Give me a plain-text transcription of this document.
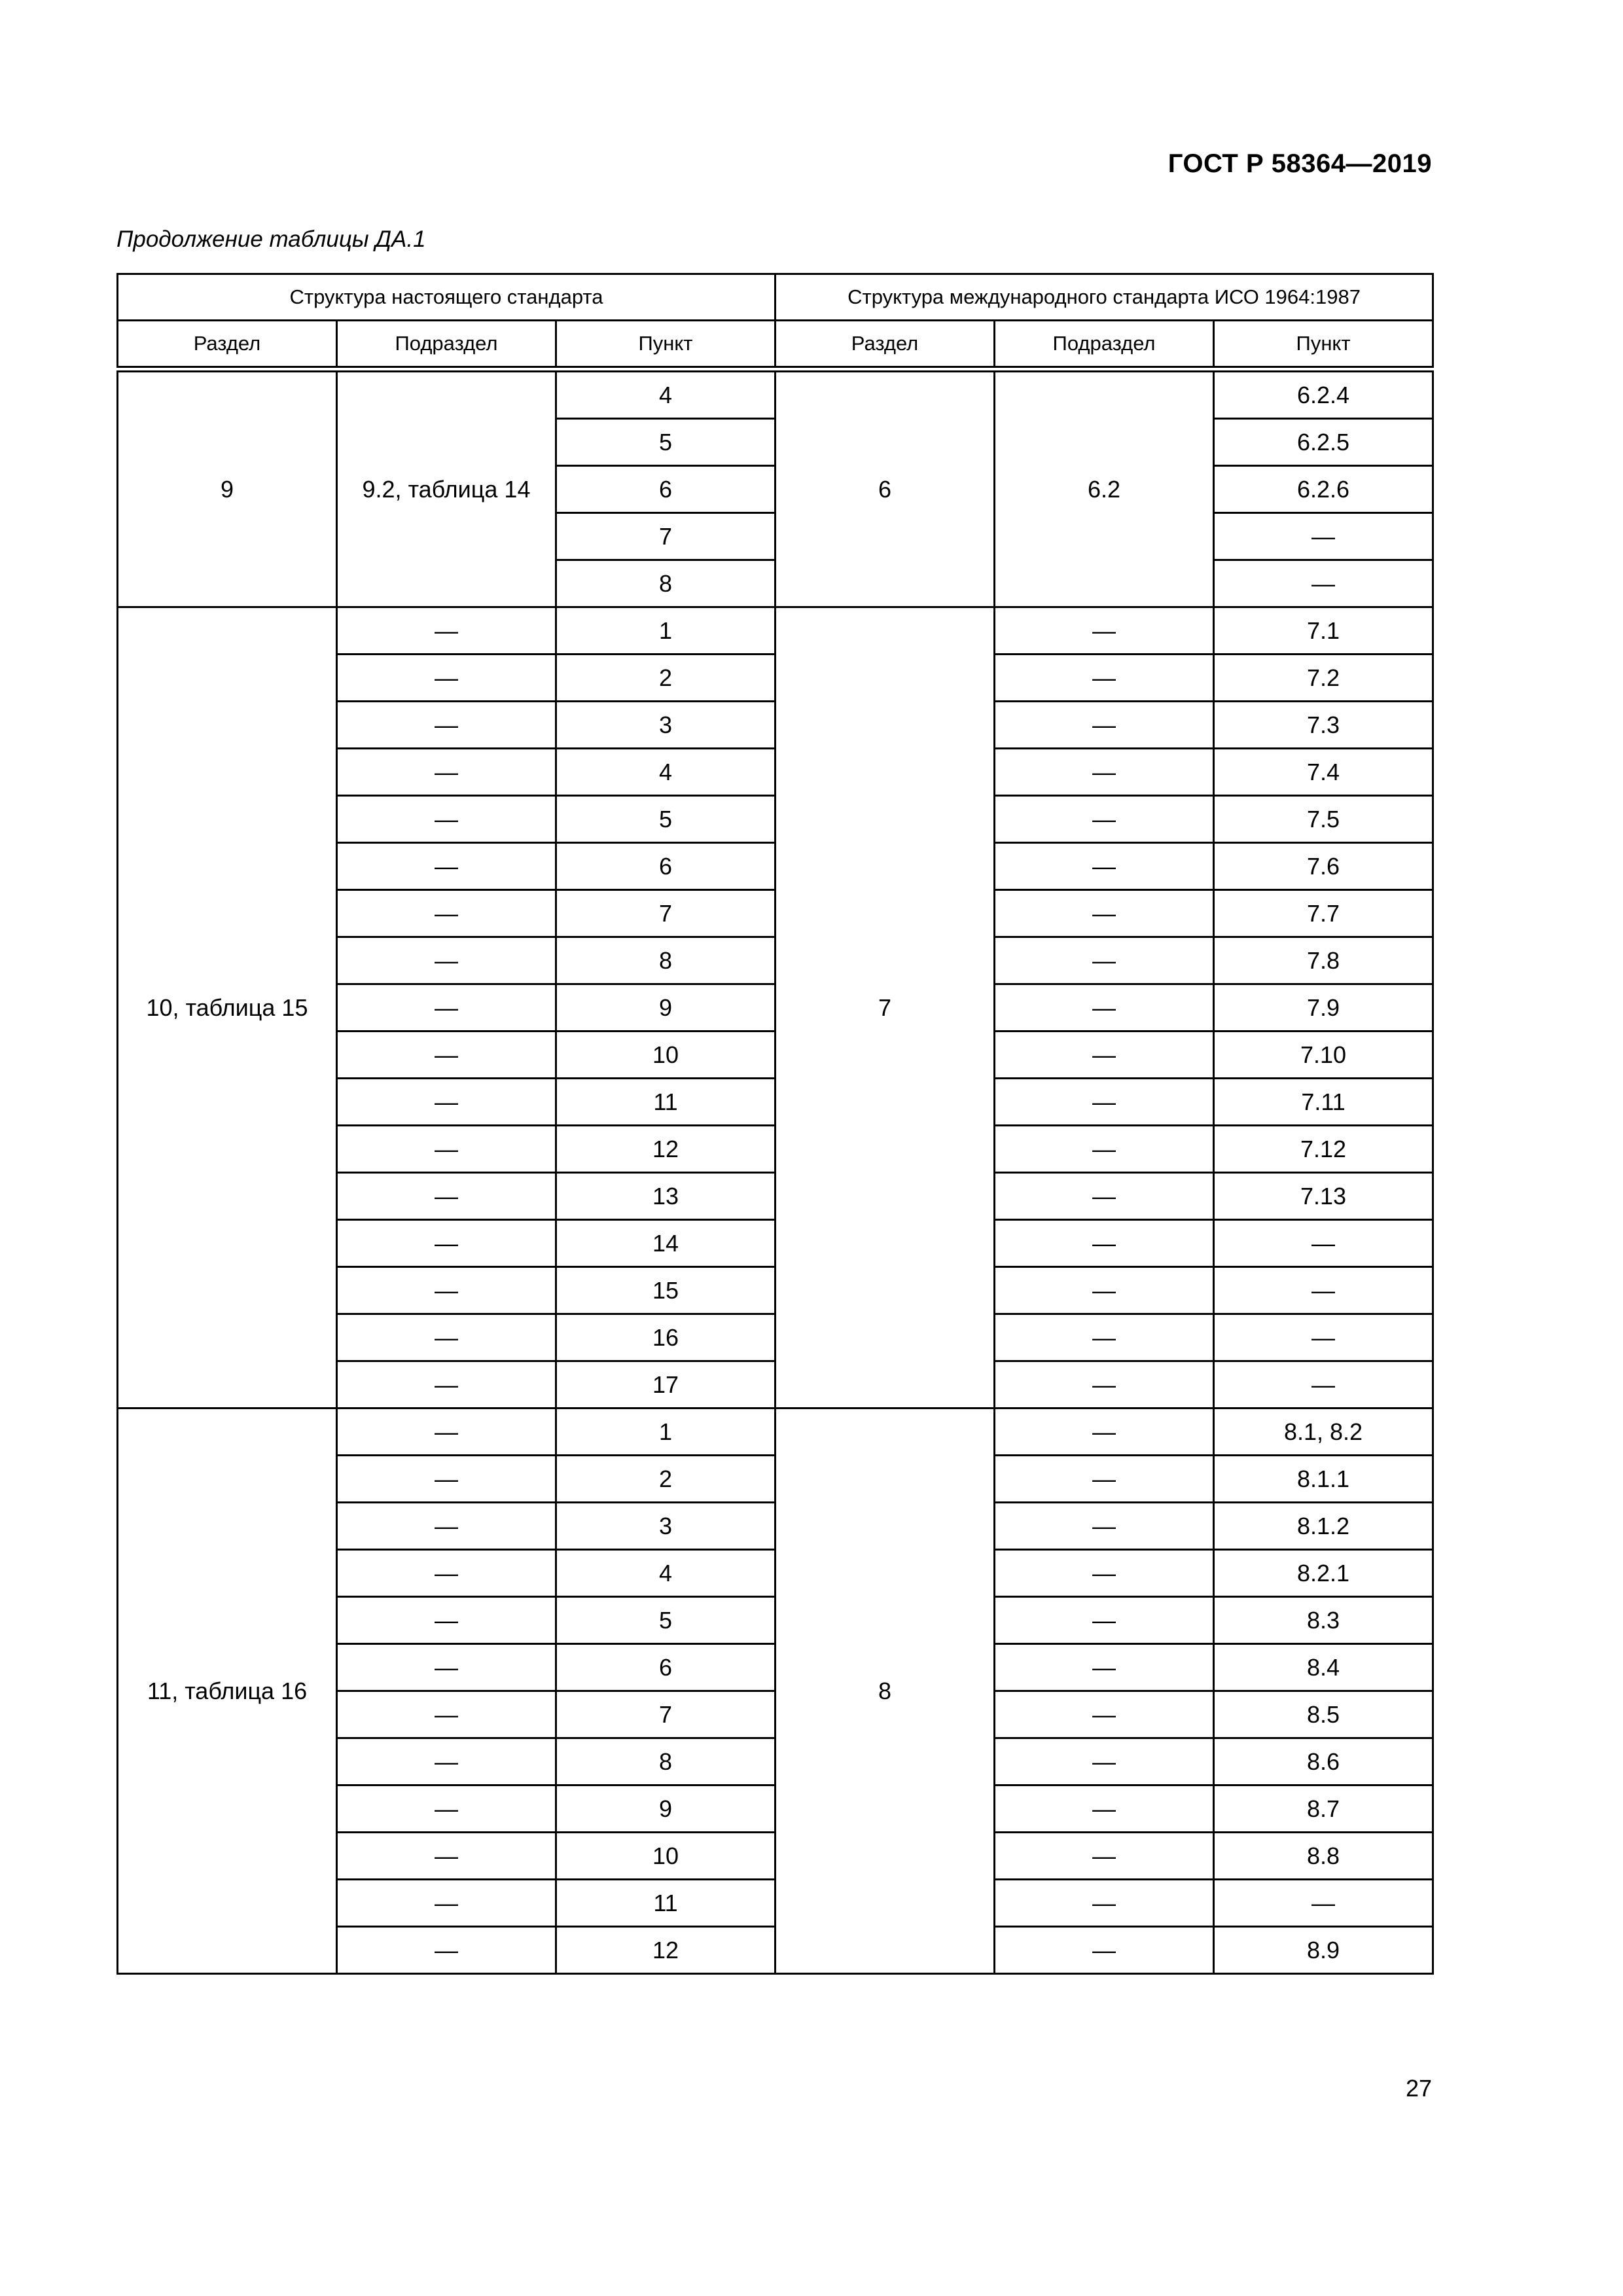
ГОСТ Р 58364—2019
Продолжение таблицы ДА.1
Структура настоящего стандарта			Структура международного стандарта ИСО 1964:1987		
Раздел	Подраздел	Пункт	Раздел	Подраздел	Пункт
9	9.2, таблица 14	4	6	6.2	6.2.4
		5			6.2.5
		6			6.2.6
		7			—
		8			—
10, таблица 15	—	1	7	—	7.1
	—	2		—	7.2
	—	3		—	7.3
	—	4		—	7.4
	—	5		—	7.5
	—	6		—	7.6
	—	7		—	7.7
	—	8		—	7.8
	—	9		—	7.9
	—	10		—	7.10
	—	11		—	7.11
	—	12		—	7.12
	—	13		—	7.13
	—	14		—	—
	—	15		—	—
	—	16		—	—
	—	17		—	—
11, таблица 16	—	1	8	—	8.1, 8.2
	—	2		—	8.1.1
	—	3		—	8.1.2
	—	4		—	8.2.1
	—	5		—	8.3
	—	6		—	8.4
	—	7		—	8.5
	—	8		—	8.6
	—	9		—	8.7
	—	10		—	8.8
	—	11		—	—
	—	12		—	8.9
27
